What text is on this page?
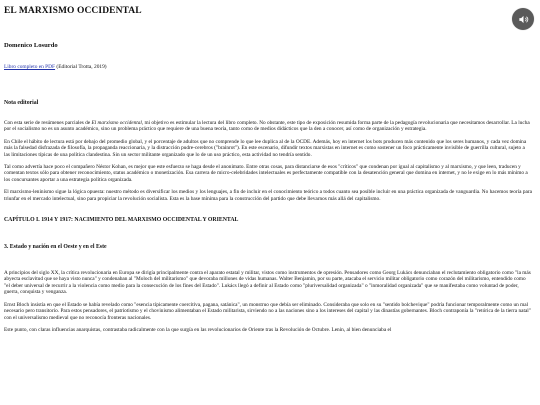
EL MARXISMO OCCIDENTAL
Domenico Losurdo
Libro completo en PDF (Editorial Trotta, 2019)
Nota editorial

Con esta serie de resúmenes parciales de El marxismo occidental, mi objetivo es estimular la lectura del libro completo. No obstante, este tipo de exposición resumida forma parte de la pedagogía revolucionaria que necesitamos desarrollar. La lucha por el socialismo no es un asunto académico, sino un problema práctico que requiere de una buena teoría, tanto como de medios didácticos que la den a conocer, así como de organización y estrategia.

En Chile el hábito de lectura está por debajo del promedio global, y el porcentaje de adultos que no comprende lo que lee duplica al de la OCDE. Además, hoy en internet los bots producen más contenido que los seres humanos, y cada vez domina más la falsedad disfrazada de filosofía, la propaganda reaccionaria, y la distracción pudre-cerebros ("brainrot"). En este escenario, difundir textos marxistas en internet es como sostener un foco prácticamente invisible de guerrilla cultural, sujeto a las limitaciones típicas de una política clandestina. Sin un sector militante organizado que lo de un uso práctico, esta actividad no tendría sentido.

Tal como advertía hace poco el compañero Néstor Kohan, es mejor que este esfuerzo se haga desde el anonimato. Entre otras cosas, para distanciarse de esos "críticos" que condenan por igual al capitalismo y al marxismo, y que leen, traducen y comentan textos sólo para obtener reconocimiento, status académico o monetización. Esa carrera de micro-celebridades intelectuales es perfectamente compatible con la desatención general que domina en internet, y no le exige en lo más mínimo a los concursantes aportar a una estrategia política organizada.

El marxismo-leninismo sigue la lógica opuesta: nuestro método es diversificar los medios y los lenguajes, a fin de incluir en el conocimiento teórico a todos cuanto sea posible incluir en una práctica organizada de vanguardia. No hacemos teoría para triunfar en el mercado intelectual, sino para propiciar la revolución socialista. Esta es la base mínima para la construcción del partido que debe llevarnos más allá del capitalismo.

CAPÍTULO I. 1914 Y 1917: NACIMIENTO DEL MARXISMO OCCIDENTAL Y ORIENTAL
3. Estado y nación en el Oeste y en el Este

A principios del siglo XX, la crítica revolucionaria en Europa se dirigía principalmente contra el aparato estatal y militar, vistos como instrumentos de opresión. Pensadores como Georg Lukács denunciaban el reclutamiento obligatorio como "la más abyecta esclavitud que se haya visto nunca" y condenaban al "Moloch del militarismo" que devoraba millones de vidas humanas. Walter Benjamin, por su parte, atacaba el servicio militar obligatorio como corazón del militarismo, entendido como "el deber universal de recurrir a la violencia como medio para la consecución de los fines del Estado". Lukács llegó a definir al Estado como "pluriversalidad organizada" o "inmoralidad organizada" que se manifestaba como voluntad de poder, guerra, conquista y venganza.

Ernst Bloch insistía en que el Estado se había revelado como "esencia típicamente coercitiva, pagana, satánica", un monstruo que debía ser eliminado. Consideraba que solo en su "sentido bolchevique" podría funcionar temporalmente como un mal necesario pero transitorio. Para estos pensadores, el patriotismo y el chovinismo alimentaban el Estado militarista, sirviendo no a las naciones sino a los intereses del capital y las dinastías gobernantes. Bloch contraponía la "retórica de la tierra natal" con el universalismo medieval que no reconocía fronteras nacionales.

Este punto, con claras influencias anarquistas, contrastaba radicalmente con la que surgía en las revolucionarios de Oriente tras la Revolución de Octubre. Lenin, al bien denunciaba el
